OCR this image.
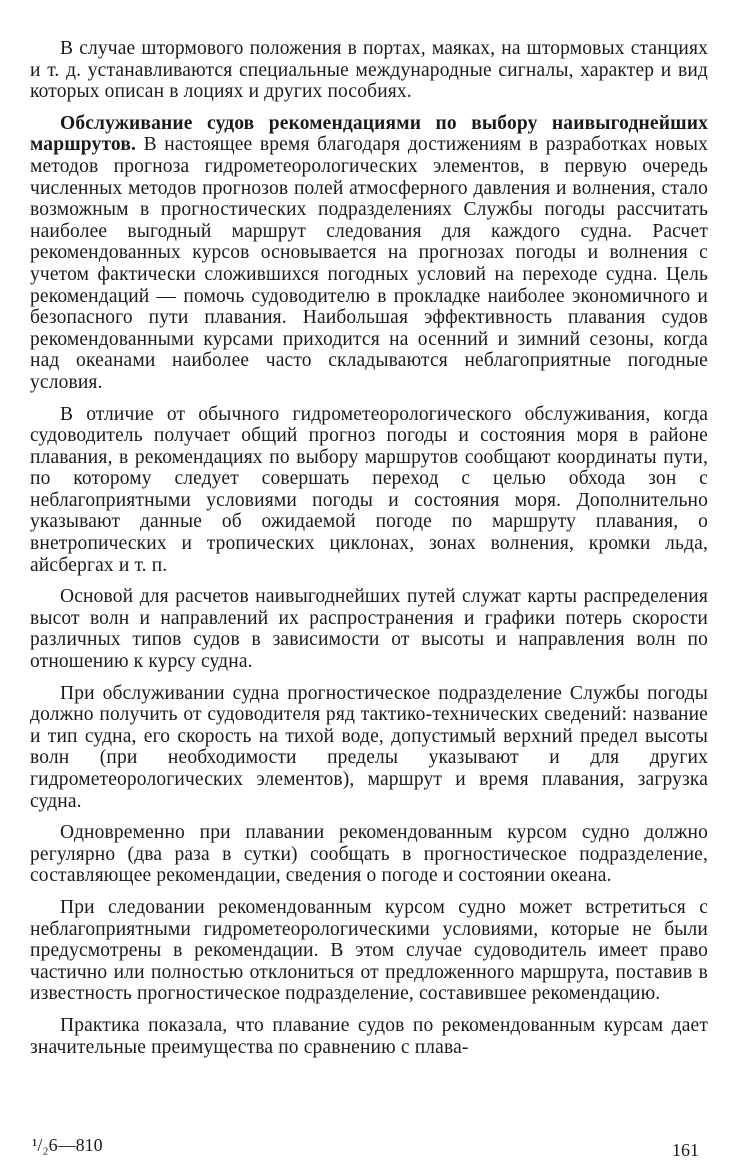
В случае штормового положения в портах, маяках, на штормовых станциях и т. д. устанавливаются специальные международные сигналы, характер и вид которых описан в лоциях и других пособиях.

Обслуживание судов рекомендациями по выбору наивыгоднейших маршрутов. В настоящее время благодаря достижениям в разработках новых методов прогноза гидрометеорологических элементов, в первую очередь численных методов прогнозов полей атмосферного давления и волнения, стало возможным в прогностических подразделениях Службы погоды рассчитать наиболее выгодный маршрут следования для каждого судна. Расчет рекомендованных курсов основывается на прогнозах погоды и волнения с учетом фактически сложившихся погодных условий на переходе судна. Цель рекомендаций — помочь судоводителю в прокладке наиболее экономичного и безопасного пути плавания. Наибольшая эффективность плавания судов рекомендованными курсами приходится на осенний и зимний сезоны, когда над океанами наиболее часто складываются неблагоприятные погодные условия.

В отличие от обычного гидрометеорологического обслуживания, когда судоводитель получает общий прогноз погоды и состояния моря в районе плавания, в рекомендациях по выбору маршрутов сообщают координаты пути, по которому следует совершать переход с целью обхода зон с неблагоприятными условиями погоды и состояния моря. Дополнительно указывают данные об ожидаемой погоде по маршруту плавания, о внетропических и тропических циклонах, зонах волнения, кромки льда, айсбергах и т. п.

Основой для расчетов наивыгоднейших путей служат карты распределения высот волн и направлений их распространения и графики потерь скорости различных типов судов в зависимости от высоты и направления волн по отношению к курсу судна.

При обслуживании судна прогностическое подразделение Службы погоды должно получить от судоводителя ряд тактико-технических сведений: название и тип судна, его скорость на тихой воде, допустимый верхний предел высоты волн (при необходимости пределы указывают и для других гидрометеорологических элементов), маршрут и время плавания, загрузка судна.

Одновременно при плавании рекомендованным курсом судно должно регулярно (два раза в сутки) сообщать в прогностическое подразделение, составляющее рекомендации, сведения о погоде и состоянии океана.

При следовании рекомендованным курсом судно может встретиться с неблагоприятными гидрометеорологическими условиями, которые не были предусмотрены в рекомендации. В этом случае судоводитель имеет право частично или полностью отклониться от предложенного маршрута, поставив в известность прогностическое подразделение, составившее рекомендацию.

Практика показала, что плавание судов по рекомендованным курсам дает значительные преимущества по сравнению с плава-

¹/₂6—810	161
